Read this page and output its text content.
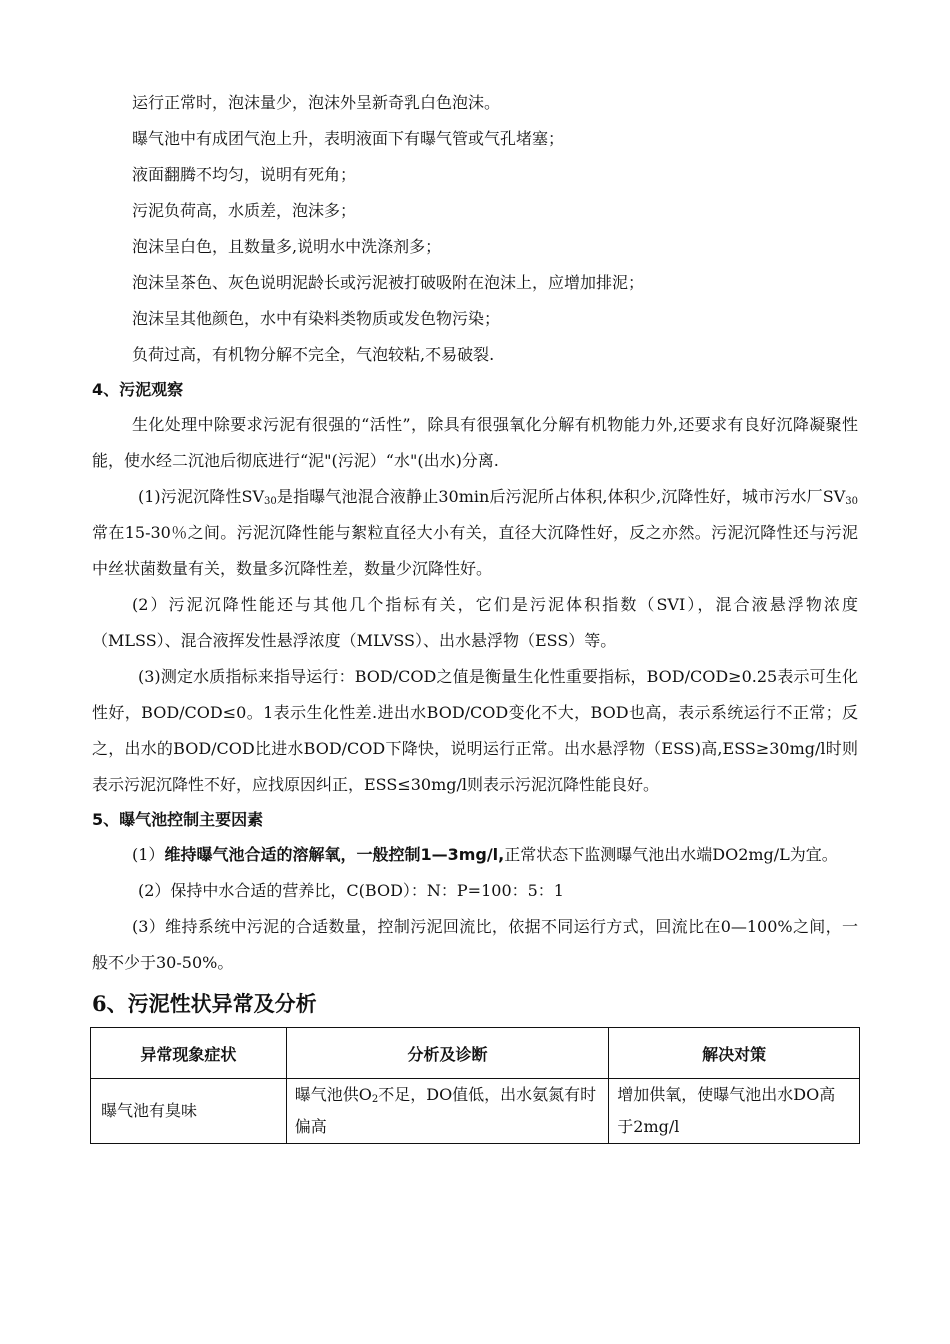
运行正常时，泡沫量少，泡沫外呈新奇乳白色泡沫。

曝气池中有成团气泡上升，表明液面下有曝气管或气孔堵塞；

液面翻腾不均匀，说明有死角；

污泥负荷高，水质差，泡沫多；

泡沫呈白色，且数量多,说明水中洗涤剂多；

泡沫呈茶色、灰色说明泥龄长或污泥被打破吸附在泡沫上，应增加排泥；

泡沫呈其他颜色，水中有染料类物质或发色物污染；

负荷过高，有机物分解不完全，气泡较粘,不易破裂.

4、污泥观察

生化处理中除要求污泥有很强的“活性”，除具有很强氧化分解有机物能力外,还要求有良好沉降凝聚性能，使水经二沉池后彻底进行“泥"(污泥）“水"(出水)分离.

(1)污泥沉降性$SV_{30}$是指曝气池混合液静止30min后污泥所占体积,体积少,沉降性好，城市污水厂$SV_{30}$常在15-30％之间。污泥沉降性能与絮粒直径大小有关，直径大沉降性好，反之亦然。污泥沉降性还与污泥中丝状菌数量有关，数量多沉降性差，数量少沉降性好。

(2）污泥沉降性能还与其他几个指标有关，它们是污泥体积指数（SVI），混合液悬浮物浓度（MLSS）、混合液挥发性悬浮浓度（MLVSS）、出水悬浮物（ESS）等。

(3)测定水质指标来指导运行：BOD/COD之值是衡量生化性重要指标，BOD/COD≥0.25表示可生化性好，BOD/COD≤0。1表示生化性差.进出水BOD/COD变化不大，BOD也高，表示系统运行不正常；反之，出水的BOD/COD比进水BOD/COD下降快，说明运行正常。出水悬浮物（ESS)高,ESS≥30mg/l时则表示污泥沉降性不好，应找原因纠正，ESS≤30mg/l则表示污泥沉降性能良好。

5、曝气池控制主要因素

(1）维持曝气池合适的溶解氧，一般控制1—3mg/l,正常状态下监测曝气池出水端DO2mg/L为宜。

(2）保持中水合适的营养比，C(BOD）：N：P=100：5：1

(3）维持系统中污泥的合适数量，控制污泥回流比，依据不同运行方式，回流比在0—100%之间，一般不少于30-50%。

6、污泥性状异常及分析
异常现象症状	分析及诊断	解决对策
曝气池有臭味	曝气池供$O_2$不足，DO值低，出水氨氮有时偏高	增加供氧，使曝气池出水DO高于2mg/l
